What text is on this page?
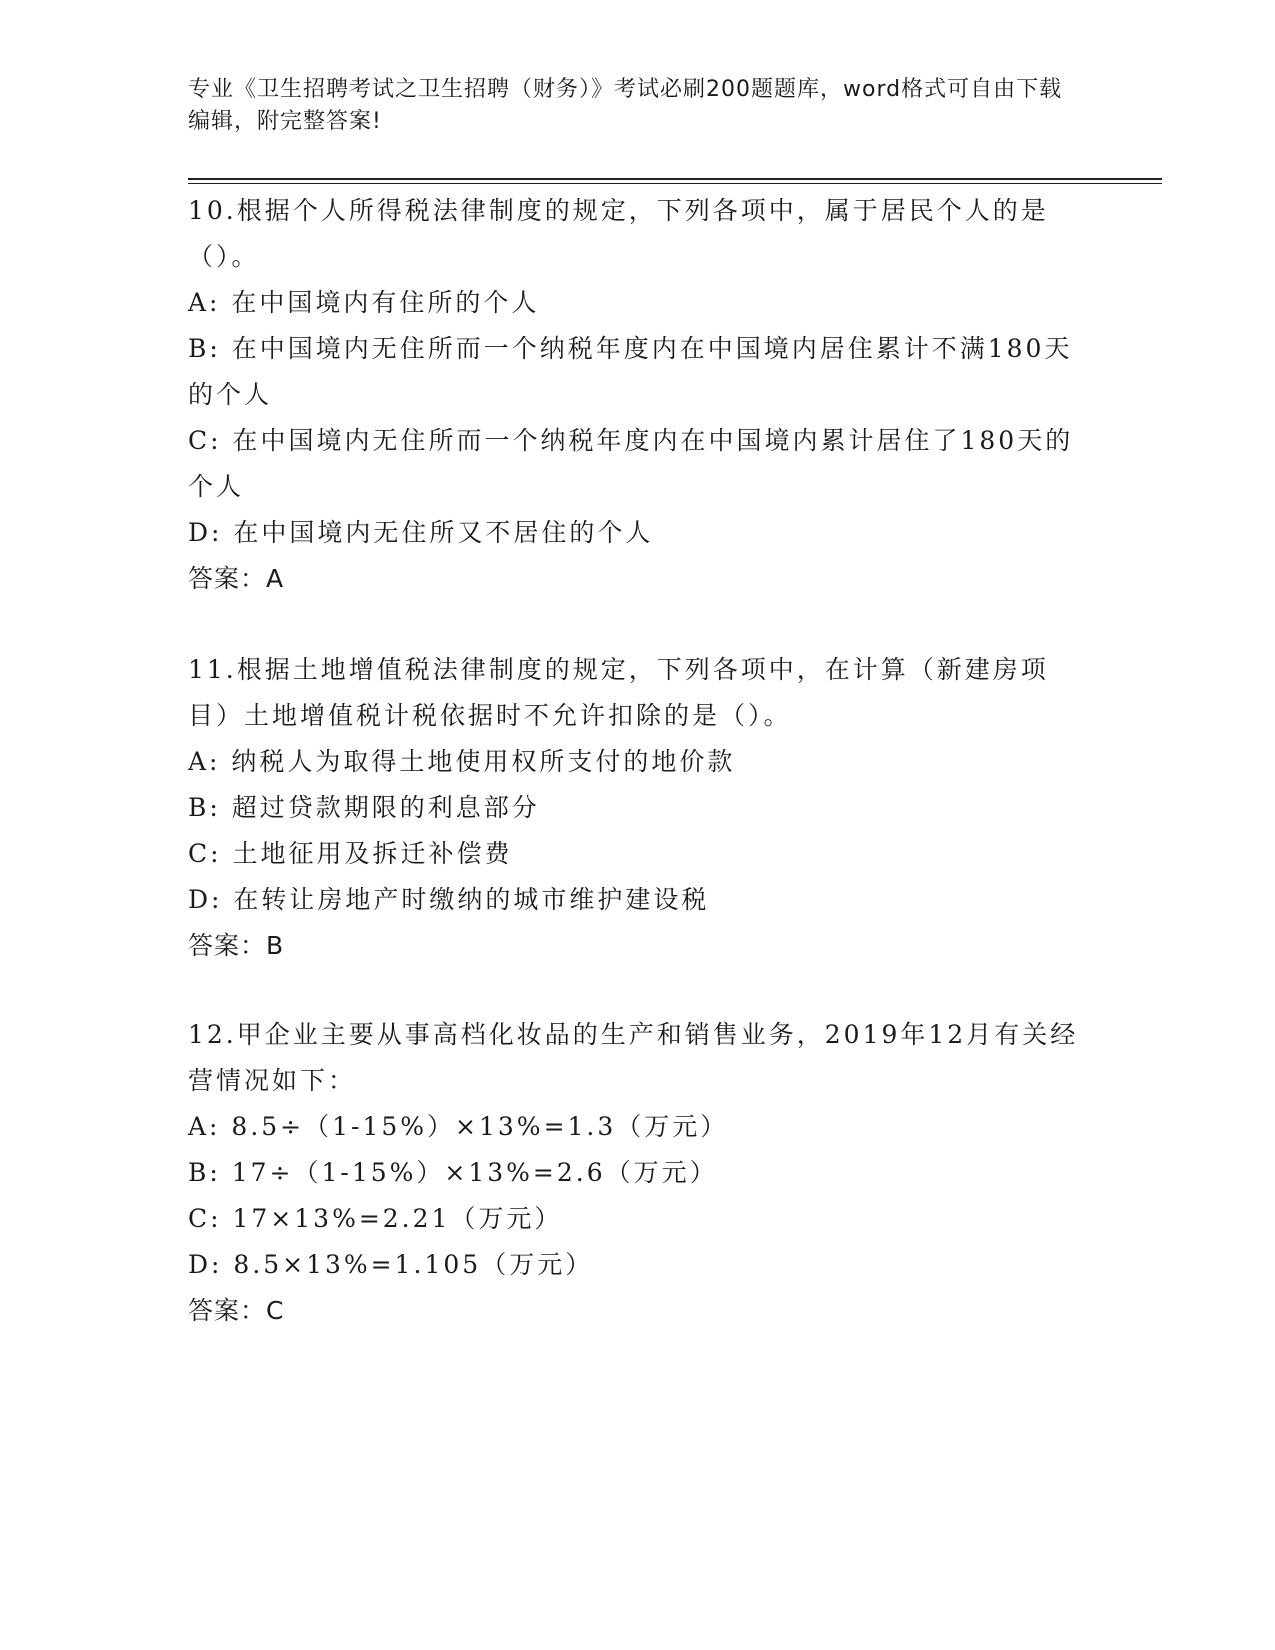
专业《卫生招聘考试之卫生招聘（财务）》考试必刷200题题库，word格式可自由下载编辑，附完整答案!
10.根据个人所得税法律制度的规定，下列各项中，属于居民个人的是（）。
A: 在中国境内有住所的个人
B: 在中国境内无住所而一个纳税年度内在中国境内居住累计不满180天的个人
C: 在中国境内无住所而一个纳税年度内在中国境内累计居住了180天的个人
D: 在中国境内无住所又不居住的个人
答案：A
11.根据土地增值税法律制度的规定，下列各项中，在计算（新建房项目）土地增值税计税依据时不允许扣除的是（）。
A: 纳税人为取得土地使用权所支付的地价款
B: 超过贷款期限的利息部分
C: 土地征用及拆迁补偿费
D: 在转让房地产时缴纳的城市维护建设税
答案：B
12.甲企业主要从事高档化妆品的生产和销售业务，2019年12月有关经营情况如下：
A: 8.5÷（1-15%）×13%=1.3（万元）
B: 17÷（1-15%）×13%=2.6（万元）
C: 17×13%=2.21（万元）
D: 8.5×13%=1.105（万元）
答案：C
